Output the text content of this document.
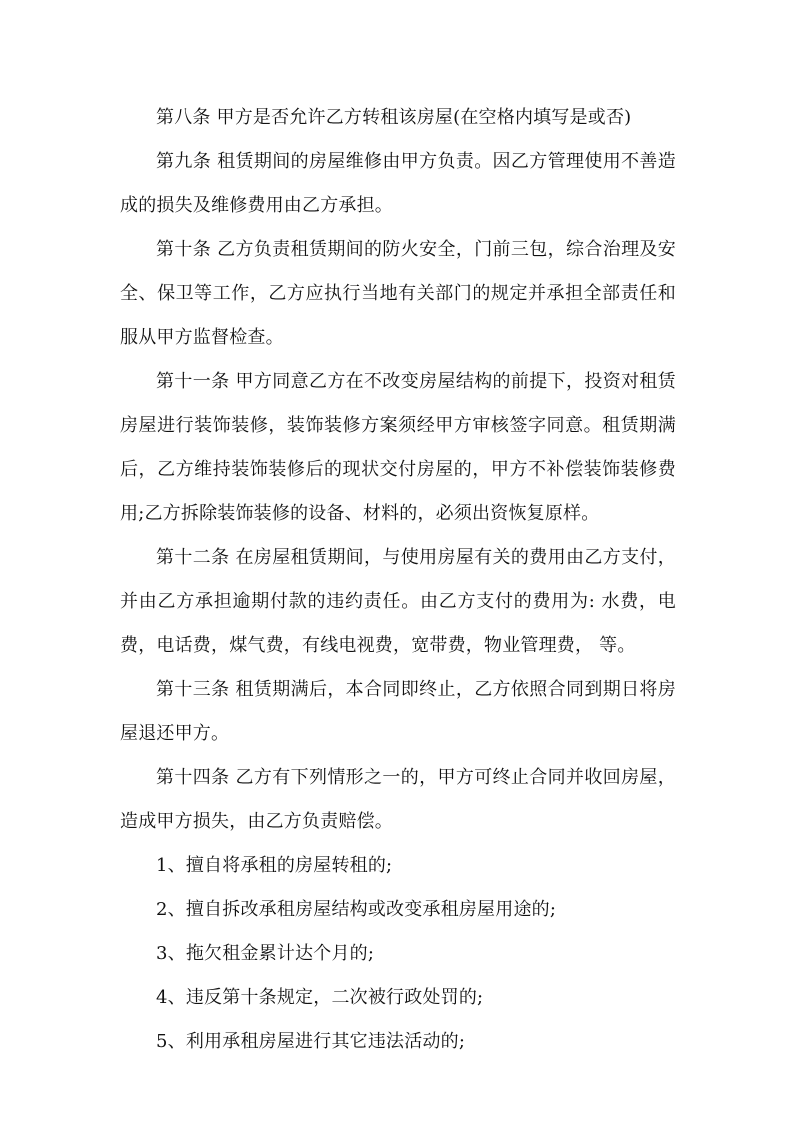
第八条 甲方是否允许乙方转租该房屋(在空格内填写是或否)

第九条 租赁期间的房屋维修由甲方负责。因乙方管理使用不善造成的损失及维修费用由乙方承担。

第十条 乙方负责租赁期间的防火安全，门前三包，综合治理及安全、保卫等工作，乙方应执行当地有关部门的规定并承担全部责任和服从甲方监督检查。

第十一条 甲方同意乙方在不改变房屋结构的前提下，投资对租赁房屋进行装饰装修，装饰装修方案须经甲方审核签字同意。租赁期满后，乙方维持装饰装修后的现状交付房屋的，甲方不补偿装饰装修费用;乙方拆除装饰装修的设备、材料的，必须出资恢复原样。

第十二条 在房屋租赁期间，与使用房屋有关的费用由乙方支付，并由乙方承担逾期付款的违约责任。由乙方支付的费用为: 水费，电费，电话费，煤气费，有线电视费，宽带费，物业管理费， 等。

第十三条 租赁期满后，本合同即终止，乙方依照合同到期日将房屋退还甲方。

第十四条 乙方有下列情形之一的，甲方可终止合同并收回房屋，造成甲方损失，由乙方负责赔偿。

1、擅自将承租的房屋转租的;

2、擅自拆改承租房屋结构或改变承租房屋用途的;

3、拖欠租金累计达个月的;

4、违反第十条规定，二次被行政处罚的;

5、利用承租房屋进行其它违法活动的;
